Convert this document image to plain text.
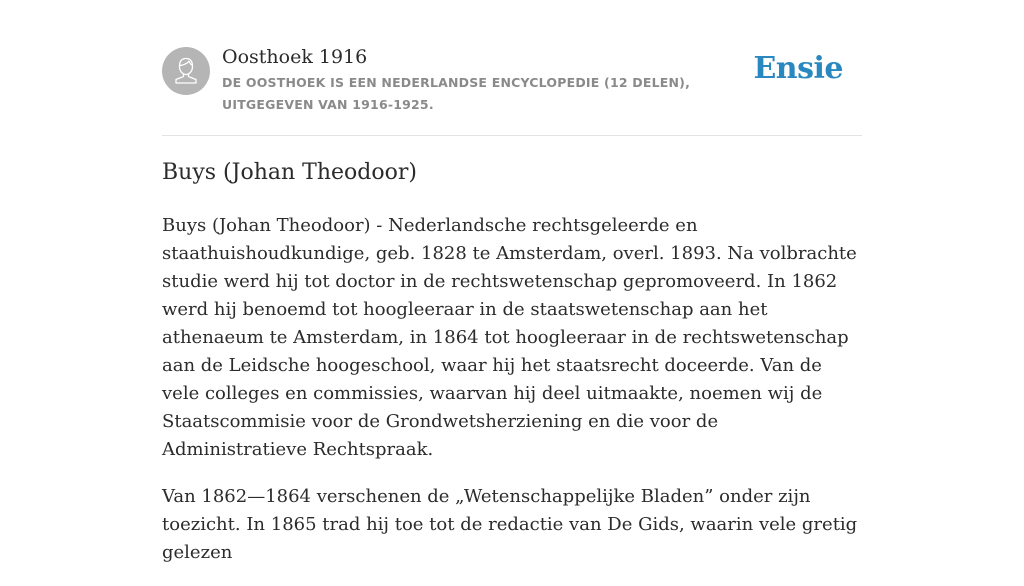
Oosthoek 1916
DE OOSTHOEK IS EEN NEDERLANDSE ENCYCLOPEDIE (12 DELEN), UITGEGEVEN VAN 1916-1925.
Ensie
Buys (Johan Theodoor)

Buys (Johan Theodoor) - Nederlandsche rechtsgeleerde en staathuishoudkundige, geb. 1828 te Amsterdam, overl. 1893. Na volbrachte studie werd hij tot doctor in de rechtswetenschap gepromoveerd. In 1862 werd hij benoemd tot hoogleeraar in de staatswetenschap aan het athenaeum te Amsterdam, in 1864 tot hoogleeraar in de rechtswetenschap aan de Leidsche hoogeschool, waar hij het staatsrecht doceerde. Van de vele colleges en commissies, waarvan hij deel uitmaakte, noemen wij de Staatscommisie voor de Grondwetsherziening en die voor de Administratieve Rechtspraak.

Van 1862—1864 verschenen de „Wetenschappelijke Bladen” onder zijn toezicht. In 1865 trad hij toe tot de redactie van De Gids, waarin vele gretig gelezen
